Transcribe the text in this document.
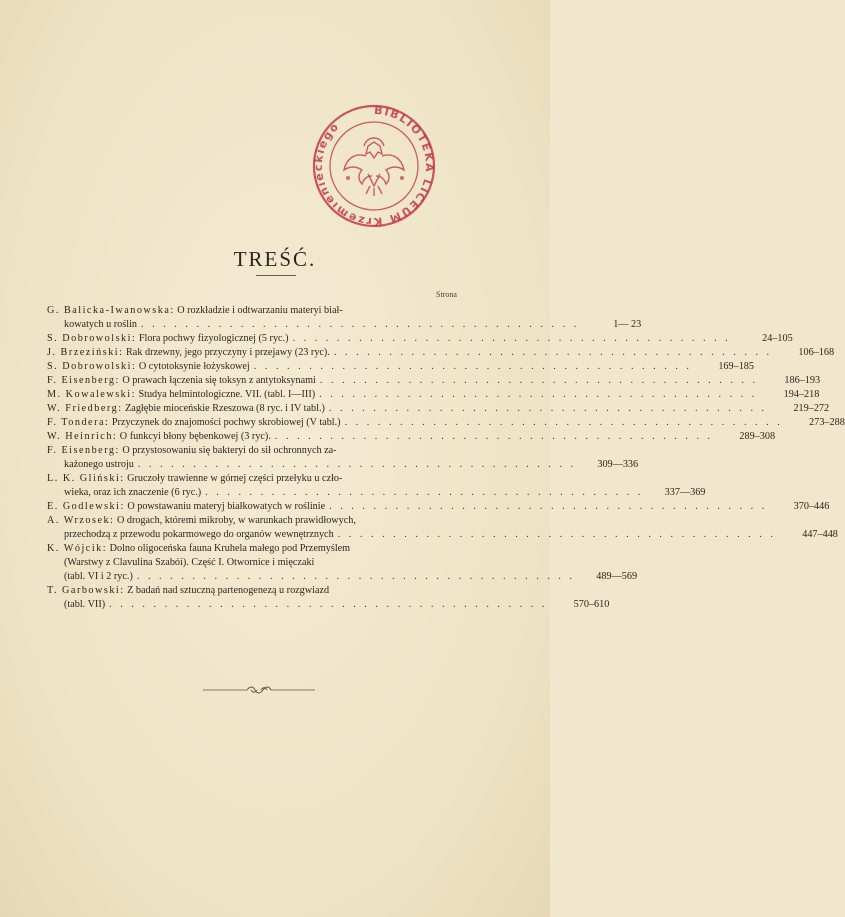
BIBLIOTEKA LICEUM Krzemienieckiego
TREŚĆ.
Strona
G. Balicka-Iwanowska:
O rozkładzie i odtwarzaniu materyi biał-
kowatych u roślin . . . . . . . . . . . . . . . . . . . . . . . . . . . . . . . . . . . . . . . .	1— 23
S. Dobrowolski:
Flora pochwy fizyologicznej (5 ryc.) . . . . . . . . . . . . . . . . . . . . . . . . . . . . . . . . . . . . . . . .	24–105
J. Brzeziński:
Rak drzewny, jego przyczyny i przejawy (23 ryc). . . . . . . . . . . . . . . . . . . . . . . . . . . . . . . . . . . . . . . . .	106–168
S. Dobrowolski:
O cytotoksynie łożyskowej . . . . . . . . . . . . . . . . . . . . . . . . . . . . . . . . . . . . . . . .	169–185
F. Eisenberg:
O prawach łączenia się toksyn z antytoksynami . . . . . . . . . . . . . . . . . . . . . . . . . . . . . . . . . . . . . . . .	186–193
M. Kowalewski:
Studya helmintologiczne. VII. (tabl. I—III) . . . . . . . . . . . . . . . . . . . . . . . . . . . . . . . . . . . . . . . .	194–218
W. Friedberg:
Zagłębie mioceńskie Rzeszowa (8 ryc. i IV tabl.) . . . . . . . . . . . . . . . . . . . . . . . . . . . . . . . . . . . . . . . .	219–272
F. Tondera:
Przyczynek do znajomości pochwy skrobiowej (V tabl.) . . . . . . . . . . . . . . . . . . . . . . . . . . . . . . . . . . . . . . . .	273–288
W. Heinrich:
O funkcyi błony bębenkowej (3 ryc). . . . . . . . . . . . . . . . . . . . . . . . . . . . . . . . . . . . . . . . .	289–308
F. Eisenberg:
O przystosowaniu się bakteryi do sił ochronnych za-
każonego ustroju . . . . . . . . . . . . . . . . . . . . . . . . . . . . . . . . . . . . . . . .	309—336
L. K. Gliński:
Gruczoły trawienne w górnej części przełyku u czło-
wieka, oraz ich znaczenie (6 ryc.) . . . . . . . . . . . . . . . . . . . . . . . . . . . . . . . . . . . . . . . .	337—369
E. Godlewski:
O powstawaniu materyj białkowatych w roślinie . . . . . . . . . . . . . . . . . . . . . . . . . . . . . . . . . . . . . . . .	370–446
A. Wrzosek:
O drogach, któremi mikroby, w warunkach prawidłowych,
przechodzą z przewodu pokarmowego do organów wewnętrznych . . . . . . . . . . . . . . . . . . . . . . . . . . . . . . . . . . . . . . . .	447–448
K. Wójcik:
Dolno oligoceńska fauna Kruhela małego pod Przemyślem
(Warstwy z Clavulina Szabói). Część I. Otwornice i mięczaki
(tabl. VI i 2 ryc.) . . . . . . . . . . . . . . . . . . . . . . . . . . . . . . . . . . . . . . . .	489—569
T. Garbowski:
Z badań nad sztuczną partenogenezą u rozgwiazd
(tabl. VII) . . . . . . . . . . . . . . . . . . . . . . . . . . . . . . . . . . . . . . . .	570–610
